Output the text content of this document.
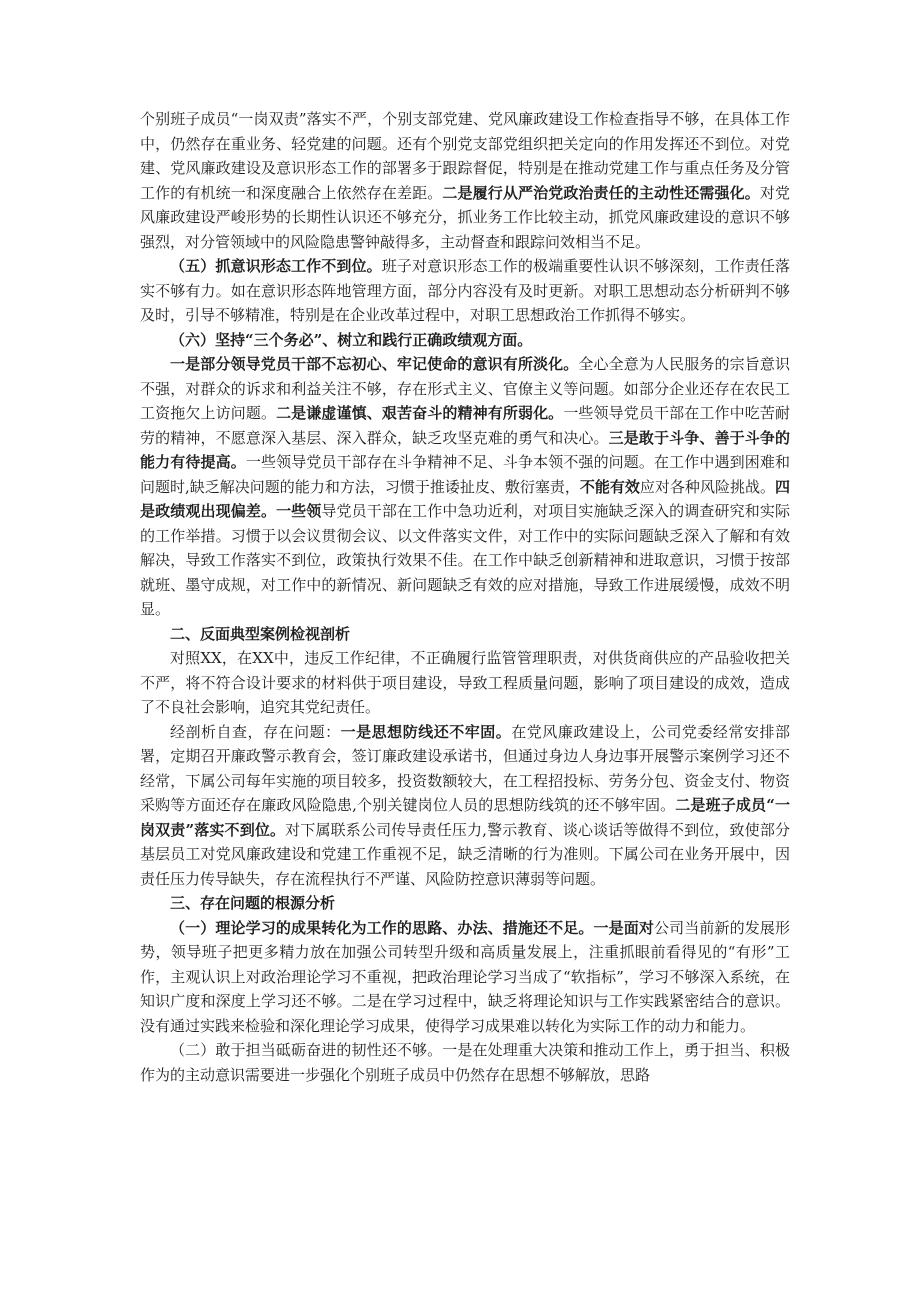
个别班子成员“一岗双责”落实不严，个别支部党建、党风廉政建设工作检查指导不够，在具体工作中，仍然存在重业务、轻党建的问题。还有个别党支部党组织把关定向的作用发挥还不到位。对党建、党风廉政建设及意识形态工作的部署多于跟踪督促，特别是在推动党建工作与重点任务及分管工作的有机统一和深度融合上依然存在差距。二是履行从严治党政治责任的主动性还需强化。对党风廉政建设严峻形势的长期性认识还不够充分，抓业务工作比较主动，抓党风廉政建设的意识不够强烈，对分管领域中的风险隐患警钟敲得多，主动督查和跟踪问效相当不足。

（五）抓意识形态工作不到位。班子对意识形态工作的极端重要性认识不够深刻，工作责任落实不够有力。如在意识形态阵地管理方面，部分内容没有及时更新。对职工思想动态分析研判不够及时，引导不够精准，特别是在企业改革过程中，对职工思想政治工作抓得不够实。

（六）坚持“三个务必”、树立和践行正确政绩观方面。

一是部分领导党员干部不忘初心、牢记使命的意识有所淡化。全心全意为人民服务的宗旨意识不强，对群众的诉求和利益关注不够，存在形式主义、官僚主义等问题。如部分企业还存在农民工工资拖欠上访问题。二是谦虚谨慎、艰苦奋斗的精神有所弱化。一些领导党员干部在工作中吃苦耐劳的精神，不愿意深入基层、深入群众，缺乏攻坚克难的勇气和决心。三是敢于斗争、善于斗争的能力有待提高。一些领导党员干部存在斗争精神不足、斗争本领不强的问题。在工作中遇到困难和问题时,缺乏解决问题的能力和方法，习惯于推诿扯皮、敷衍塞责，不能有效应对各种风险挑战。四是政绩观出现偏差。一些领导党员干部在工作中急功近利，对项目实施缺乏深入的调查研究和实际的工作举措。习惯于以会议贯彻会议、以文件落实文件，对工作中的实际问题缺乏深入了解和有效解决，导致工作落实不到位，政策执行效果不佳。在工作中缺乏创新精神和进取意识，习惯于按部就班、墨守成规，对工作中的新情况、新问题缺乏有效的应对措施，导致工作进展缓慢，成效不明显。

二、反面典型案例检视剖析

对照XX，在XX中，违反工作纪律，不正确履行监管管理职责，对供货商供应的产品验收把关不严，将不符合设计要求的材料供于项目建设，导致工程质量问题，影响了项目建设的成效，造成了不良社会影响，追究其党纪责任。

经剖析自查，存在问题：一是思想防线还不牢固。在党风廉政建设上，公司党委经常安排部署，定期召开廉政警示教育会，签订廉政建设承诺书，但通过身边人身边事开展警示案例学习还不经常，下属公司每年实施的项目较多，投资数额较大，在工程招投标、劳务分包、资金支付、物资采购等方面还存在廉政风险隐患,个别关键岗位人员的思想防线筑的还不够牢固。二是班子成员“一岗双责”落实不到位。对下属联系公司传导责任压力,警示教育、谈心谈话等做得不到位，致使部分基层员工对党风廉政建设和党建工作重视不足，缺乏清晰的行为准则。下属公司在业务开展中，因责任压力传导缺失，存在流程执行不严谨、风险防控意识薄弱等问题。

三、存在问题的根源分析

（一）理论学习的成果转化为工作的思路、办法、措施还不足。一是面对公司当前新的发展形势，领导班子把更多精力放在加强公司转型升级和高质量发展上，注重抓眼前看得见的“有形”工作，主观认识上对政治理论学习不重视，把政治理论学习当成了“软指标”，学习不够深入系统，在知识广度和深度上学习还不够。二是在学习过程中，缺乏将理论知识与工作实践紧密结合的意识。没有通过实践来检验和深化理论学习成果，使得学习成果难以转化为实际工作的动力和能力。

（二）敢于担当砥砺奋进的韧性还不够。一是在处理重大决策和推动工作上，勇于担当、积极作为的主动意识需要进一步强化个别班子成员中仍然存在思想不够解放，思路
